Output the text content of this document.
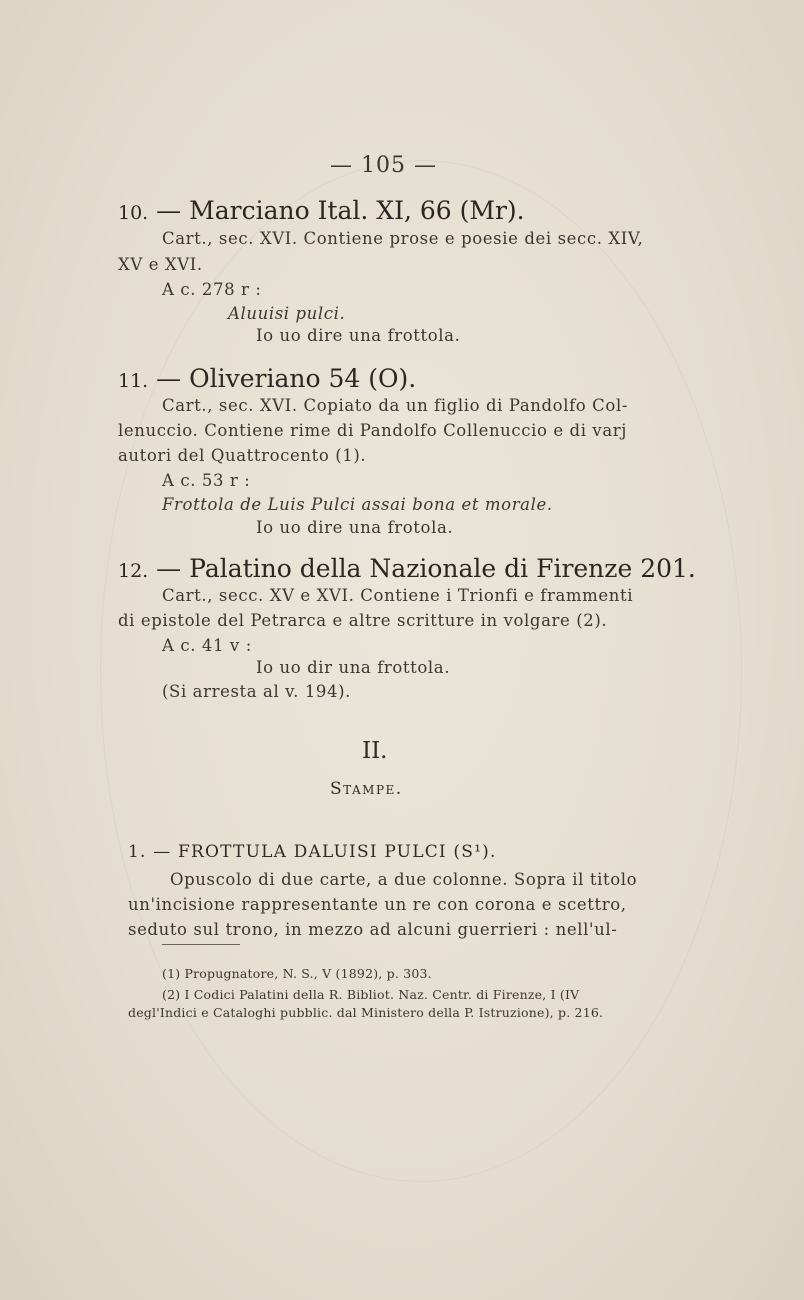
— 105 —
10. — Marciano Ital. XI, 66 (Mr).
Cart., sec. XVI. Contiene prose e poesie dei secc. XIV,
XV e XVI.
A c. 278 r :
Aluuisi pulci.
Io uo dire una frottola.
11. — Oliveriano 54 (O).
Cart., sec. XVI. Copiato da un figlio di Pandolfo Col-
lenuccio. Contiene rime di Pandolfo Collenuccio e di varj
autori del Quattrocento (1).
A c. 53 r :
Frottola de Luis Pulci assai bona et morale.
Io uo dire una frotola.
12. — Palatino della Nazionale di Firenze 201.
Cart., secc. XV e XVI. Contiene i Trionfi e frammenti
di epistole del Petrarca e altre scritture in volgare (2).
A c. 41 v :
Io uo dir una frottola.
(Si arresta al v. 194).
II.
Stampe.
1. — FROTTULA DALUISI PULCI (S¹).
Opuscolo di due carte, a due colonne. Sopra il titolo
un'incisione rappresentante un re con corona e scettro,
seduto sul trono, in mezzo ad alcuni guerrieri : nell'ul-
(1) Propugnatore, N. S., V (1892), p. 303.
(2) I Codici Palatini della R. Bibliot. Naz. Centr. di Firenze, I (IV
degl'Indici e Cataloghi pubblic. dal Ministero della P. Istruzione), p. 216.
